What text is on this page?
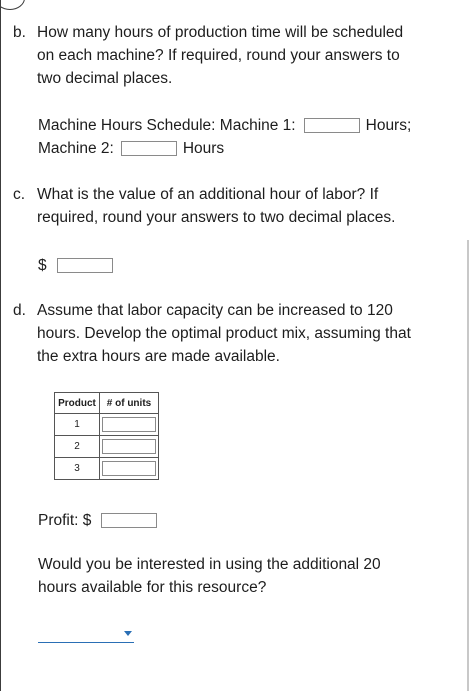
b. How many hours of production time will be scheduled
on each machine? If required, round your answers to
two decimal places.
Machine Hours Schedule: Machine 1:	Hours;
Machine 2:	Hours
c. What is the value of an additional hour of labor? If
required, round your answers to two decimal places.
$
d. Assume that labor capacity can be increased to 120
hours. Develop the optimal product mix, assuming that
the extra hours are made available.
Product	# of units
1	

2	

3	
Profit: $
Would you be interested in using the additional 20
hours available for this resource?
